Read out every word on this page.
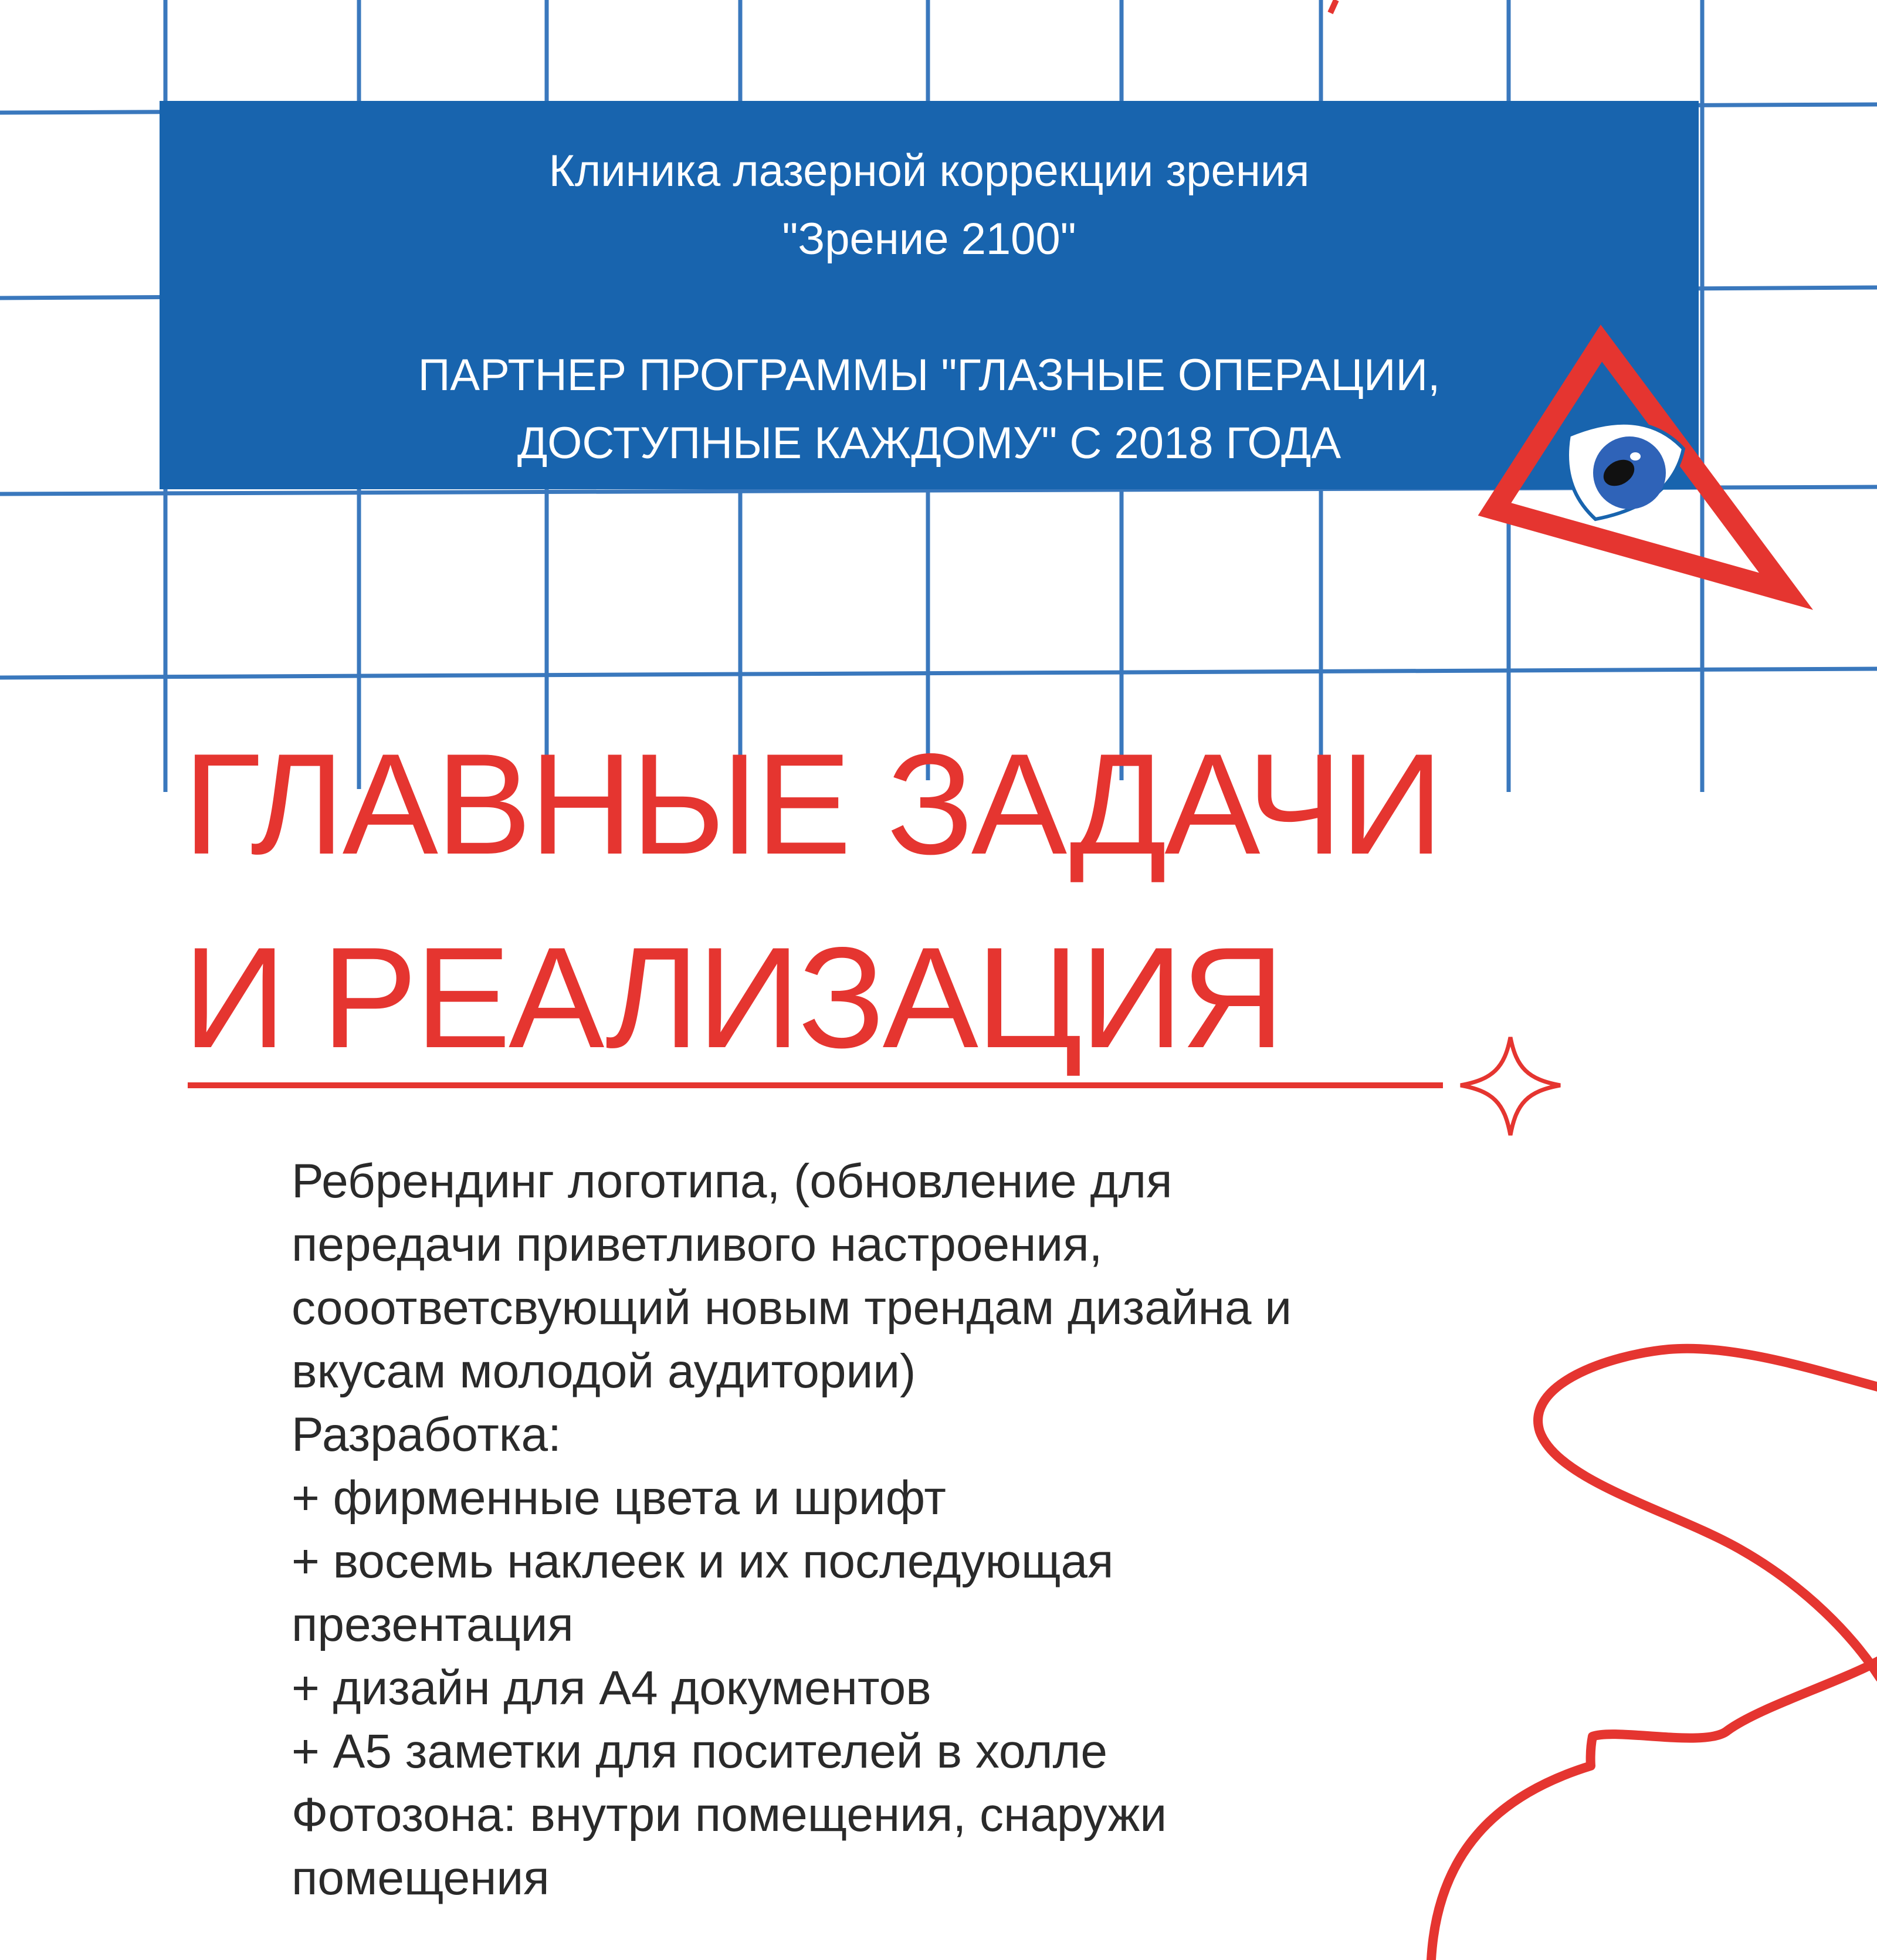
Клиника лазерной коррекции зрения
"Зрение 2100"
ПАРТНЕР ПРОГРАММЫ "ГЛАЗНЫЕ ОПЕРАЦИИ,
ДОСТУПНЫЕ КАЖДОМУ" С 2018 ГОДА
ГЛАВНЫЕ ЗАДАЧИ
И РЕАЛИЗАЦИЯ
Ребрендинг логотипа, (обновление для
передачи приветливого настроения,
сооответсвующий новым трендам дизайна и
вкусам молодой аудитории)
Разработка:
+ фирменные цвета и шрифт
+ восемь наклеек и их последующая
презентация
+ дизайн для А4 документов
+ А5 заметки для посителей в холле
Фотозона: внутри помещения, снаружи
помещения
